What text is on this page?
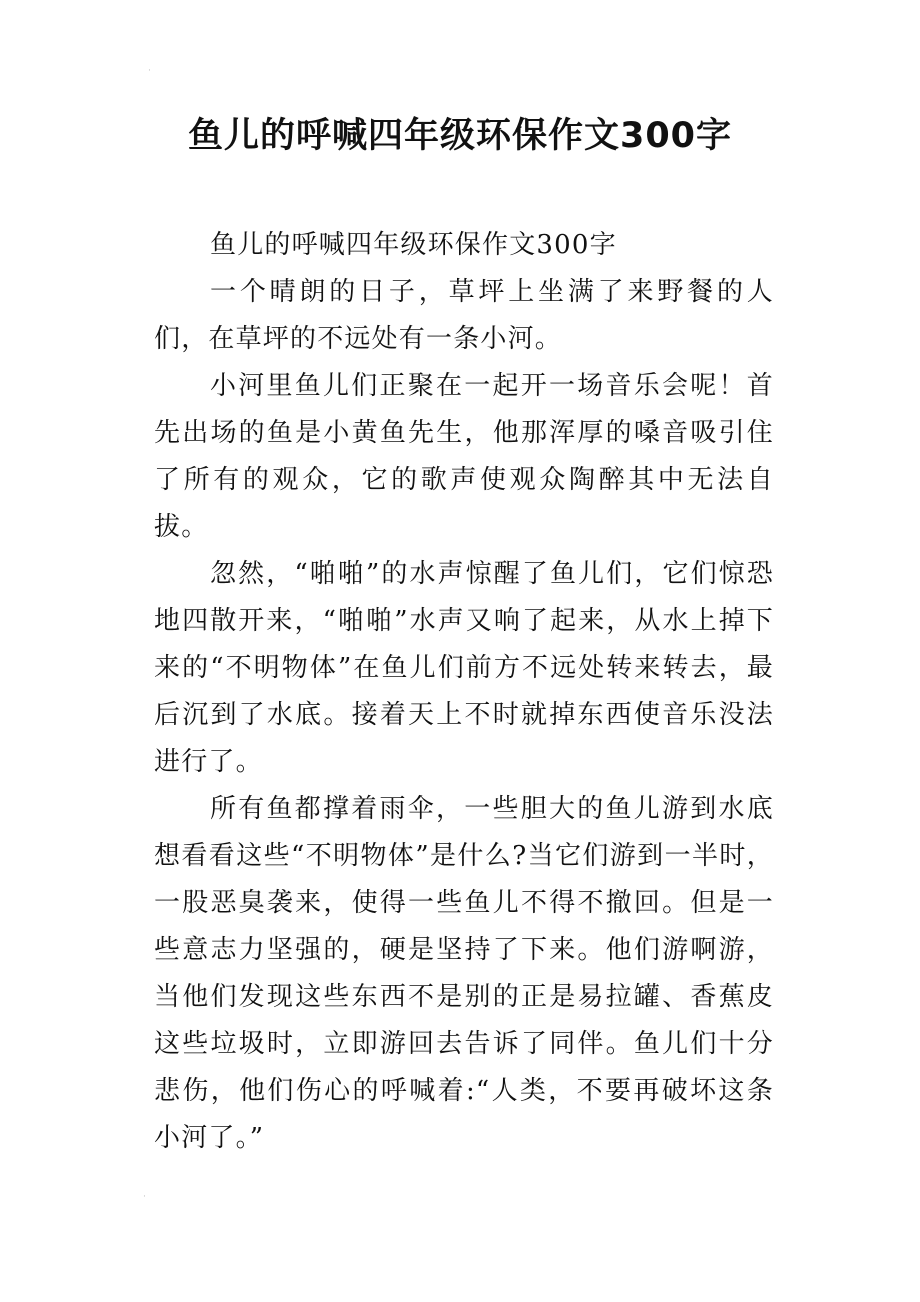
·
鱼儿的呼喊四年级环保作文300字

鱼儿的呼喊四年级环保作文300字

一个晴朗的日子，草坪上坐满了来野餐的人们，在草坪的不远处有一条小河。

小河里鱼儿们正聚在一起开一场音乐会呢！首先出场的鱼是小黄鱼先生，他那浑厚的嗓音吸引住了所有的观众，它的歌声使观众陶醉其中无法自拔。

忽然，“啪啪”的水声惊醒了鱼儿们，它们惊恐地四散开来，“啪啪”水声又响了起来，从水上掉下来的“不明物体”在鱼儿们前方不远处转来转去，最后沉到了水底。接着天上不时就掉东西使音乐没法进行了。

所有鱼都撑着雨伞，一些胆大的鱼儿游到水底想看看这些“不明物体”是什么?当它们游到一半时，一股恶臭袭来，使得一些鱼儿不得不撤回。但是一些意志力坚强的，硬是坚持了下来。他们游啊游，当他们发现这些东西不是别的正是易拉罐、香蕉皮这些垃圾时，立即游回去告诉了同伴。鱼儿们十分悲伤，他们伤心的呼喊着:“人类，不要再破坏这条小河了。”

·
